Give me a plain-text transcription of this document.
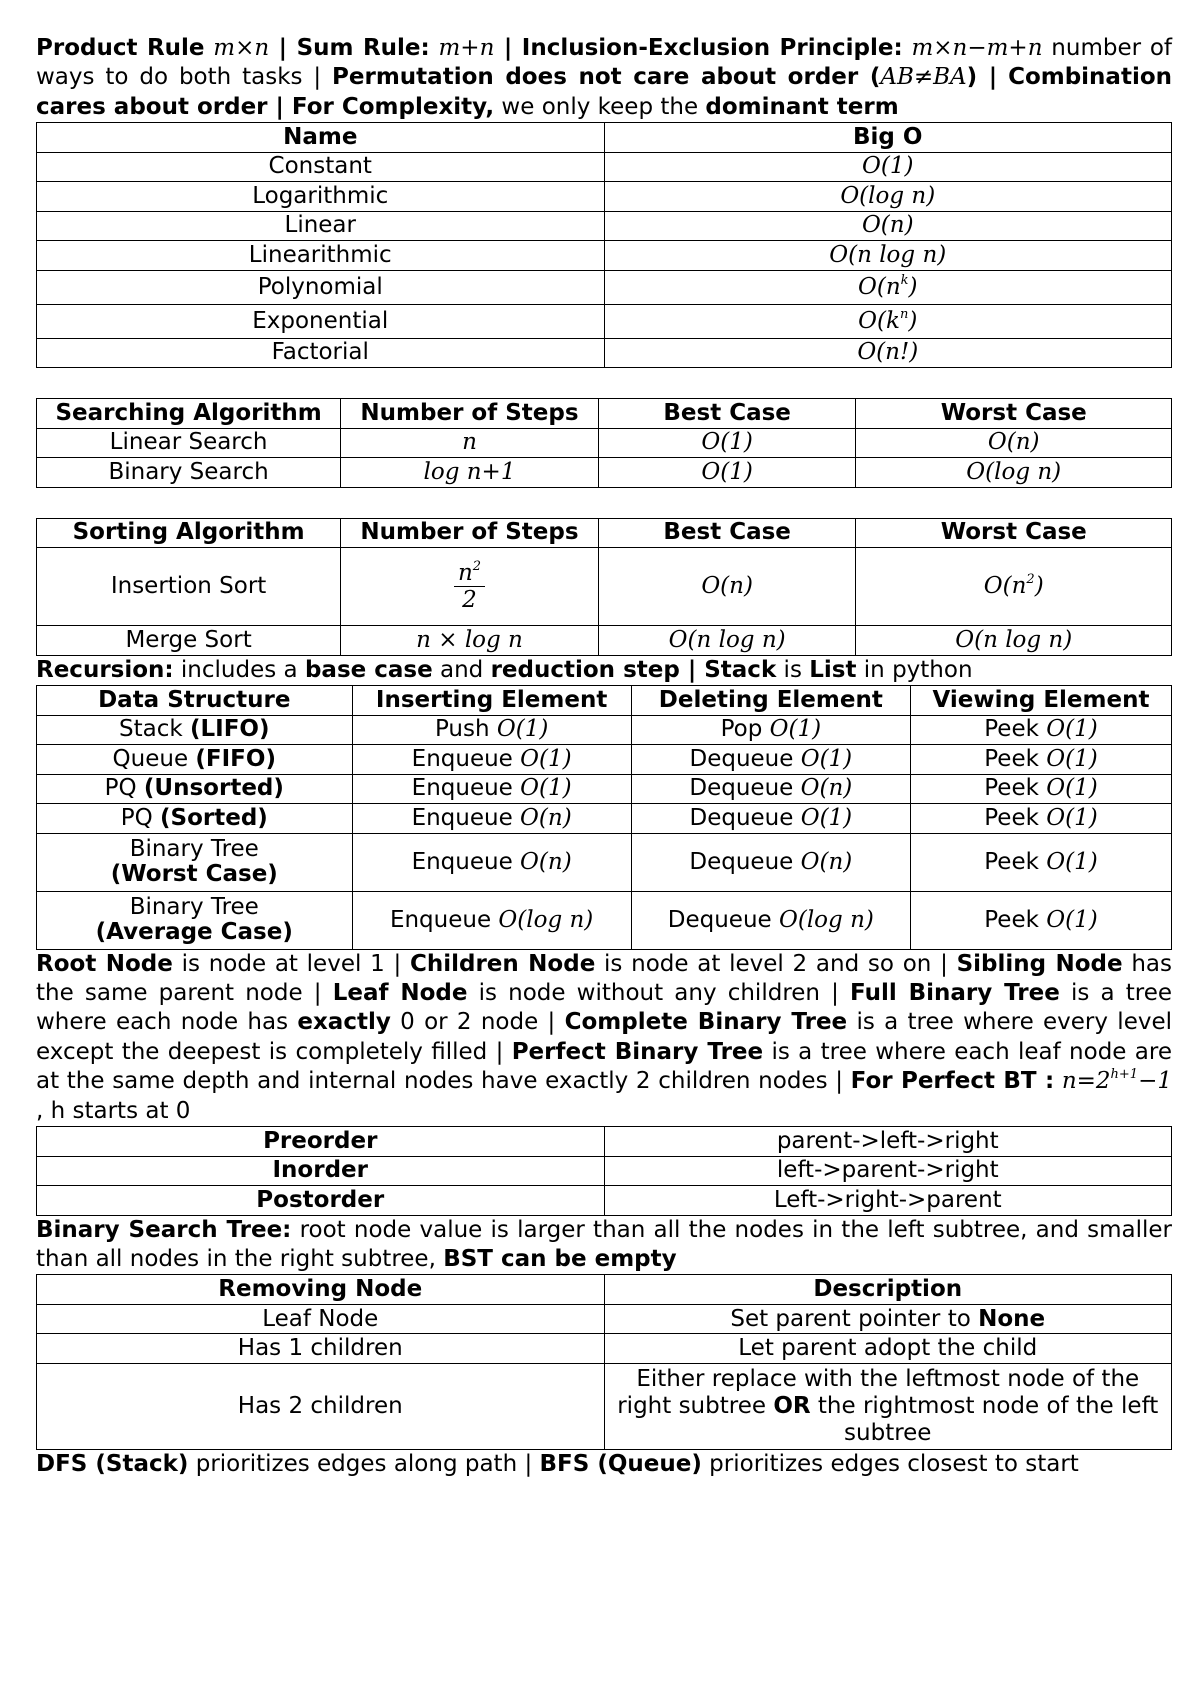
Product Rule m×n | Sum Rule: m+n | Inclusion-Exclusion Principle: m×n−m+n number of ways to do both tasks | Permutation does not care about order (AB≠BA) | Combination cares about order | For Complexity, we only keep the dominant term

Name	Big O
Constant	O(1)
Logarithmic	O(log n)
Linear	O(n)
Linearithmic	O(n log n)
Polynomial	$O(n^k)$
Exponential	$O(k^n)$
Factorial	O(n!)
Searching Algorithm	Number of Steps	Best Case	Worst Case
Linear Search	n	O(1)	O(n)
Binary Search	log n+1	O(1)	O(log n)
Sorting Algorithm	Number of Steps	Best Case	Worst Case
Insertion Sort	$\frac{n^2}{2}$	O(n)	$O(n^2)$
Merge Sort	n × log n	O(n log n)	O(n log n)

Recursion: includes a base case and reduction step | Stack is List in python

Data Structure	Inserting Element	Deleting Element	Viewing Element
Stack (LIFO)	Push O(1)	Pop O(1)	Peek O(1)
Queue (FIFO)	Enqueue O(1)	Dequeue O(1)	Peek O(1)
PQ (Unsorted)	Enqueue O(1)	Dequeue O(n)	Peek O(1)
PQ (Sorted)	Enqueue O(n)	Dequeue O(1)	Peek O(1)
Binary Tree
(Worst Case)	Enqueue O(n)	Dequeue O(n)	Peek O(1)
Binary Tree
(Average Case)	Enqueue O(log n)	Dequeue O(log n)	Peek O(1)

Root Node is node at level 1 | Children Node is node at level 2 and so on | Sibling Node has the same parent node | Leaf Node is node without any children | Full Binary Tree is a tree where each node has exactly 0 or 2 node | Complete Binary Tree is a tree where every level except the deepest is completely filled | Perfect Binary Tree is a tree where each leaf node are at the same depth and internal nodes have exactly 2 children nodes | For Perfect BT : $n=2^{h+1}-1$ , h starts at 0

Preorder	parent->left->right
Inorder	left->parent->right
Postorder	Left->right->parent

Binary Search Tree: root node value is larger than all the nodes in the left subtree, and smaller than all nodes in the right subtree, BST can be empty

Removing Node	Description
Leaf Node	Set parent pointer to None
Has 1 children	Let parent adopt the child
Has 2 children	Either replace with the leftmost node of the right subtree OR the rightmost node of the left subtree

DFS (Stack) prioritizes edges along path | BFS (Queue) prioritizes edges closest to start
